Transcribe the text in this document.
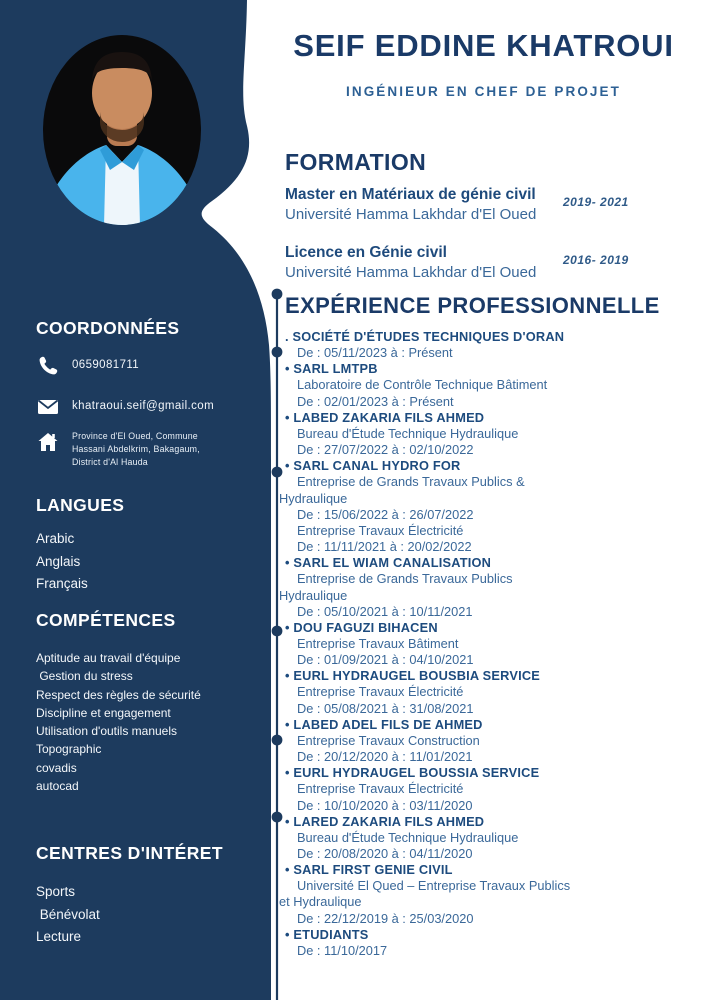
SEIF EDDINE KHATROUI
INGÉNIEUR EN CHEF DE PROJET
COORDONNÉES
0659081711
khatraoui.seif@gmail.com
Province d'El Oued, Commune
Hassani Abdelkrim, Bakagaum,
District d'Al Hauda
LANGUES
Arabic
Anglais
Français
COMPÉTENCES
Aptitude au travail d'équipe
Gestion du stress
Respect des règles de sécurité
Discipline et engagement
Utilisation d'outils manuels
Topographic
covadis
autocad
CENTRES D'INTÉRET
Sports
Bénévolat
Lecture
FORMATION
Master en Matériaux de génie civil
Université Hamma Lakhdar d'El Oued
2019- 2021
Licence en Génie civil
Université Hamma Lakhdar d'El Oued
2016- 2019
EXPÉRIENCE PROFESSIONNELLE
. SOCIÉTÉ D'ÉTUDES TECHNIQUES D'ORAN
De : 05/11/2023 à : Présent
• SARL LMTPB
Laboratoire de Contrôle Technique Bâtiment
De : 02/01/2023 à : Présent
• LABED ZAKARIA FILS AHMED
Bureau d'Étude Technique Hydraulique
De : 27/07/2022 à : 02/10/2022
• SARL CANAL HYDRO FOR
Entreprise de Grands Travaux Publics &
Hydraulique
De : 15/06/2022 à : 26/07/2022
Entreprise Travaux Électricité
De : 11/11/2021 à : 20/02/2022
• SARL EL WIAM CANALISATION
Entreprise de Grands Travaux Publics
Hydraulique
De : 05/10/2021 à : 10/11/2021
• DOU FAGUZI BIHACEN
Entreprise Travaux Bâtiment
De : 01/09/2021 à : 04/10/2021
• EURL HYDRAUGEL BOUSBIA SERVICE
Entreprise Travaux Électricité
De : 05/08/2021 à : 31/08/2021
• LABED ADEL FILS DE AHMED
Entreprise Travaux Construction
De : 20/12/2020 à : 11/01/2021
• EURL HYDRAUGEL BOUSSIA SERVICE
Entreprise Travaux Électricité
De : 10/10/2020 à : 03/11/2020
• LARED ZAKARIA FILS AHMED
Bureau d'Étude Technique Hydraulique
De : 20/08/2020 à : 04/11/2020
• SARL FIRST GENIE CIVIL
Université El Qued – Entreprise Travaux Publics
et Hydraulique
De : 22/12/2019 à : 25/03/2020
• ETUDIANTS
De : 11/10/2017
